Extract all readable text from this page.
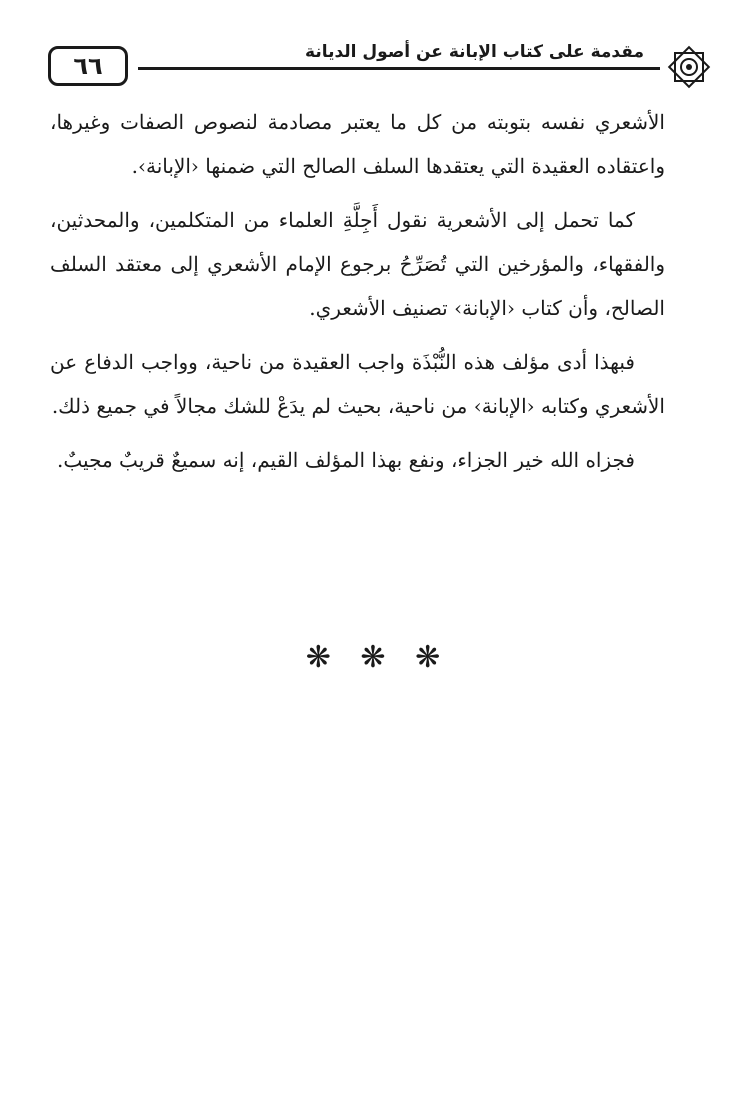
٦٦	مقدمة على كتاب الإبانة عن أصول الديانة

الأشعري نفسه بتوبته من كل ما يعتبر مصادمة لنصوص الصفات وغيرها، واعتقاده العقيدة التي يعتقدها السلف الصالح التي ضمنها ‹الإبانة›.

كما تحمل إلى الأشعرية نقول أَجِلَّةِ العلماء من المتكلمين، والمحدثين، والفقهاء، والمؤرخين التي تُصَرِّحُ برجوع الإمام الأشعري إلى معتقد السلف الصالح، وأن كتاب ‹الإبانة› تصنيف الأشعري.

فبهذا أدى مؤلف هذه النُّبْذَة واجب العقيدة من ناحية، وواجب الدفاع عن الأشعري وكتابه ‹الإبانة› من ناحية، بحيث لم يدَعْ للشك مجالاً في جميع ذلك.

فجزاه الله خير الجزاء، ونفع بهذا المؤلف القيم، إنه سميعٌ قريبٌ مجيبٌ.

❋ ❋ ❋
